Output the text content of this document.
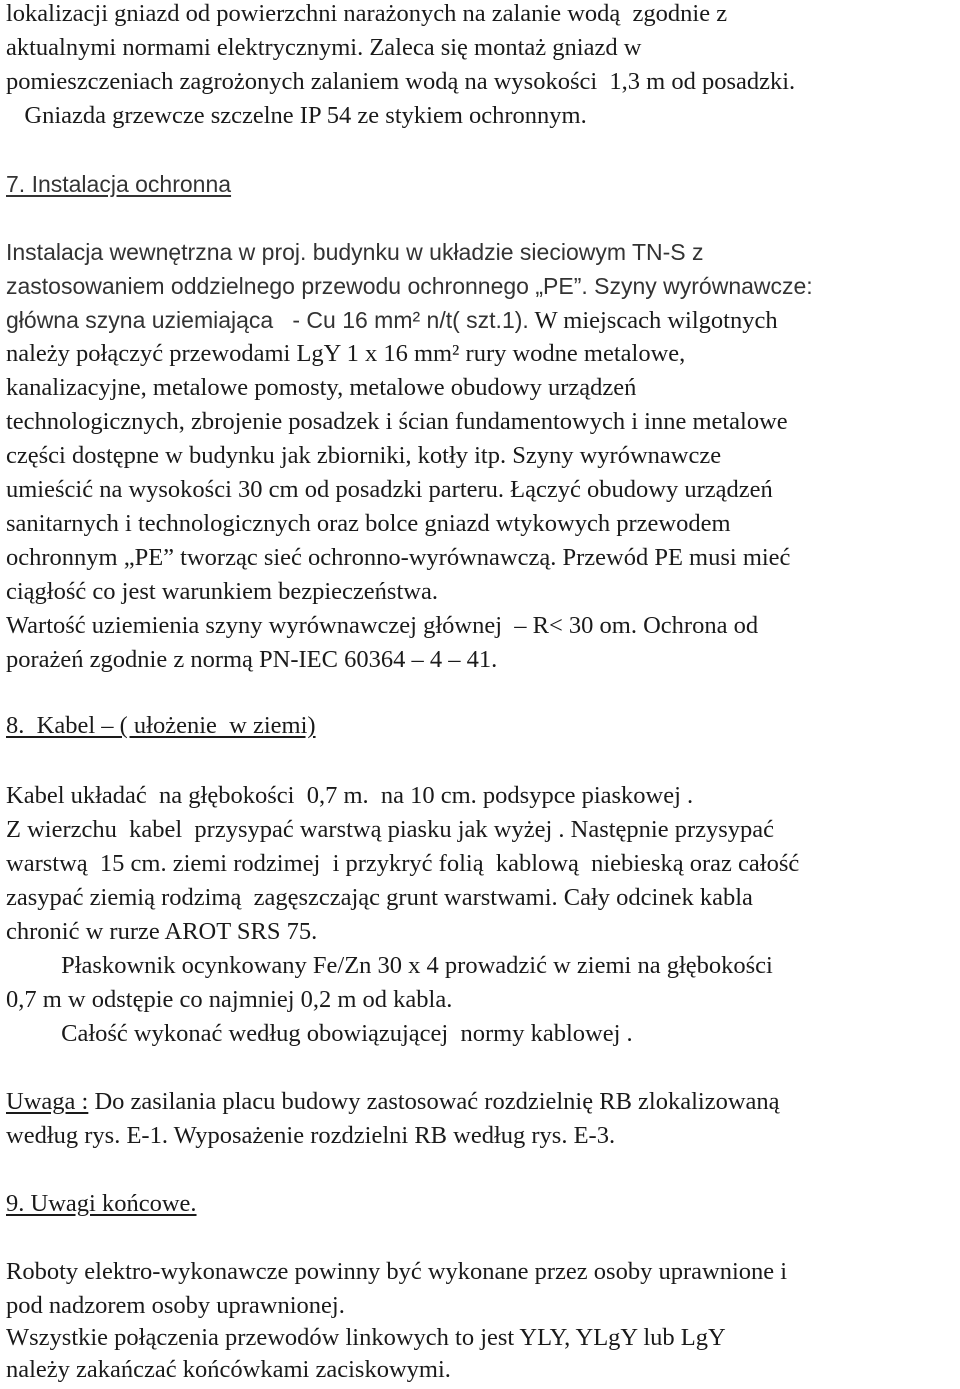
lokalizacji gniazd od powierzchni narażonych na zalanie wodą  zgodnie z
aktualnymi normami elektrycznymi. Zaleca się montaż gniazd w
pomieszczeniach zagrożonych zalaniem wodą na wysokości  1,3 m od posadzki.
Gniazda grzewcze szczelne IP 54 ze stykiem ochronnym.
7. Instalacja ochronna
Instalacja wewnętrzna w proj. budynku w układzie sieciowym TN-S z
zastosowaniem oddzielnego przewodu ochronnego „PE”. Szyny wyrównawcze:
główna szyna uziemiająca   - Cu 16 mm² n/t( szt.1). W miejscach wilgotnych
należy połączyć przewodami LgY 1 x 16 mm² rury wodne metalowe,
kanalizacyjne, metalowe pomosty, metalowe obudowy urządzeń
technologicznych, zbrojenie posadzek i ścian fundamentowych i inne metalowe
części dostępne w budynku jak zbiorniki, kotły itp. Szyny wyrównawcze
umieścić na wysokości 30 cm od posadzki parteru. Łączyć obudowy urządzeń
sanitarnych i technologicznych oraz bolce gniazd wtykowych przewodem
ochronnym „PE” tworząc sieć ochronno-wyrównawczą. Przewód PE musi mieć
ciągłość co jest warunkiem bezpieczeństwa.
Wartość uziemienia szyny wyrównawczej głównej  – R< 30 om. Ochrona od
porażeń zgodnie z normą PN-IEC 60364 – 4 – 41.
8.  Kabel – ( ułożenie  w ziemi)
Kabel układać  na głębokości  0,7 m.  na 10 cm. podsypce piaskowej .
Z wierzchu  kabel  przysypać warstwą piasku jak wyżej . Następnie przysypać
warstwą  15 cm. ziemi rodzimej  i przykryć folią  kablową  niebieską oraz całość
zasypać ziemią rodzimą  zagęszczając grunt warstwami. Cały odcinek kabla
chronić w rurze AROT SRS 75.
Płaskownik ocynkowany Fe/Zn 30 x 4 prowadzić w ziemi na głębokości
0,7 m w odstępie co najmniej 0,2 m od kabla.
Całość wykonać według obowiązującej  normy kablowej .
Uwaga : Do zasilania placu budowy zastosować rozdzielnię RB zlokalizowaną
według rys. E-1. Wyposażenie rozdzielni RB według rys. E-3.
9. Uwagi końcowe.
Roboty elektro-wykonawcze powinny być wykonane przez osoby uprawnione i
pod nadzorem osoby uprawnionej.
Wszystkie połączenia przewodów linkowych to jest YLY, YLgY lub LgY
należy zakańczać końcówkami zaciskowymi.
